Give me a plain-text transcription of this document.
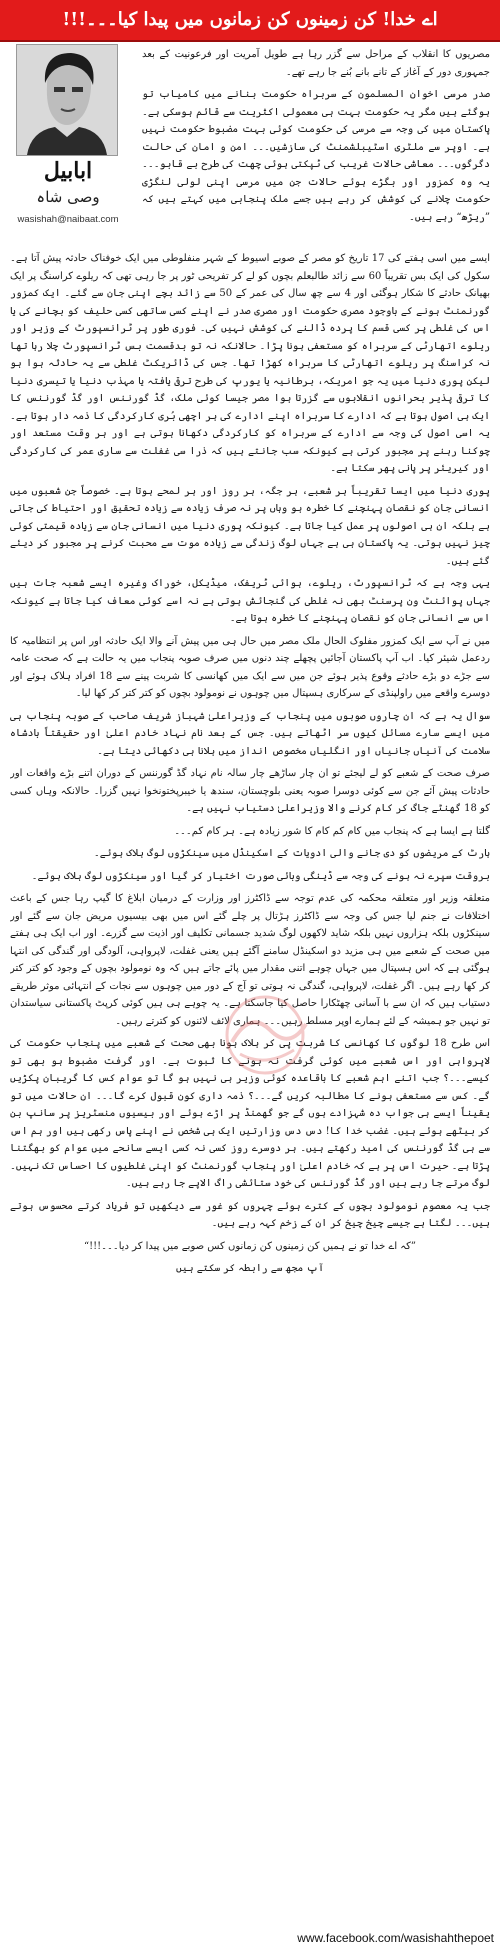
اے خدا! کن زمینوں کن زمانوں میں پیدا کیا۔۔۔!!!
ابابیل
وصی شاہ
wasishah@naibaat.com

مصریوں کا انقلاب کے مراحل سے گزر رہا ہے طویل آمریت اور فرعونیت کے بعد جمہوری دور کے آغاز کے تانے بانے بُنے جا رہے تھے۔

صدر مرسی اخوان المسلمون کے سربراہ حکومت بنانے میں کامیاب تو ہوگئے ہیں مگر یہ حکومت بہت ہی معمولی اکثریت سے قائم ہوسکی ہے۔ پاکستان میں کی وجہ سے مرسی کی حکومت کوئی بہت مضبوط حکومت نہیں ہے۔ اوپر سے ملٹری اسٹیبلشمنٹ کی سازشیں۔۔۔ امن و امان کی حالت دگرگوں۔۔۔ معاشی حالات غریب کی ٹپکتی ہوئی چھت کی طرح بے قابو۔۔۔ یہ وہ کمزور اور بگڑے ہوئے حالات جن میں مرسی اپنی لولی لنگڑی حکومت چلانے کی کوشش کر رہے ہیں جسے ملک پنجابی میں کہتے ہیں کہ ”ریڑھ“ رہے ہیں۔

ایسے میں اسی ہفتے کی 17 تاریخ کو مصر کے صوبے اسیوط کے شہر منفلوطی میں ایک خوفناک حادثہ پیش آتا ہے۔ سکول کی ایک بس تقریباً 60 سے زائد طالبعلم بچوں کو لے کر تفریحی ٹور پر جا رہی تھی کہ ریلوے کراسنگ پر ایک بھیانک حادثے کا شکار ہوگئی اور 4 سے چھ سال کی عمر کے 50 سے زائد بچے اپنی جان سے گئے۔ ایک کمزور گورنمنٹ ہونے کے باوجود مصری حکومت اور مصری صدر نے اپنے کسی ساتھی کسی حلیف کو بچانے کی یا اس کی غلطی پر کسی قسم کا پردہ ڈالنے کی کوشش نہیں کی۔ فوری طور پر ٹرانسپورٹ کے وزیر اور ریلوے اتھارٹی کے سربراہ کو مستعفی ہونا پڑا۔ حالانکہ نہ تو بدقسمت بس ٹرانسپورٹ چلا رہا تھا نہ کراسنگ پر ریلوے اتھارٹی کا سربراہ کھڑا تھا۔ جس کی ڈائریکٹ غلطی سے یہ حادثہ ہوا ہو لیکن پوری دنیا میں یہ جو امریکہ، برطانیہ یا یورپ کی طرح ترقی یافتہ یا مہذب دنیا یا تیسری دنیا کا ترقی پذیر بحرانوں انقلابوں سے گزرتا ہوا مصر جیسا کوئی ملک، گڈ گورننس اور گڈ گورننس کا ایک ہی اصول ہوتا ہے کہ ادارے کا سربراہ اپنے ادارے کی ہر اچھی بُری کارکردگی کا ذمہ دار ہوتا ہے۔ یہ اسی اصول کی وجہ سے ادارے کے سربراہ کو کارکردگی دکھانا ہوتی ہے اور ہر وقت مستعد اور چوکنا رہنے پر مجبور کرتی ہے کیونکہ سب جانتے ہیں کہ ذرا سی غفلت سے ساری عمر کی کارکردگی اور کیریئر پر پانی پھر سکتا ہے۔

پوری دنیا میں ایسا تقریباً ہر شعبے، ہر جگہ، ہر روز اور ہر لمحے ہوتا ہے۔ خصوصاً جن شعبوں میں انسانی جان کو نقصان پہنچنے کا خطرہ ہو وہاں پر نہ صرف زیادہ سے زیادہ تحقیق اور احتیاط کی جاتی ہے بلکہ ان ہی اصولوں پر عمل کیا جاتا ہے۔ کیونکہ پوری دنیا میں انسانی جان سے زیادہ قیمتی کوئی چیز نہیں ہوتی۔ یہ پاکستان ہی ہے جہاں لوگ زندگی سے زیادہ موت سے محبت کرنے پر مجبور کر دیئے گئے ہیں۔

یہی وجہ ہے کہ ٹرانسپورٹ، ریلوے، ہوائی ٹریفک، میڈیکل، خوراک وغیرہ ایسے شعبہ جات ہیں جہاں پوائنٹ ون پرسنٹ بھی نہ غلطی کی گنجائش ہوتی ہے نہ اسے کوئی معاف کیا جاتا ہے کیونکہ اس سے انسانی جان کو نقصان پہنچنے کا خطرہ ہوتا ہے۔

میں نے آپ سے ایک کمزور مفلوک الحال ملک مصر میں حال ہی میں پیش آنے والا ایک حادثہ اور اس پر انتظامیہ کا ردعمل شیئر کیا۔ اب آپ پاکستان آجائیں پچھلے چند دنوں میں صرف صوبہ پنجاب میں یہ حالت ہے کہ صحت عامہ سے جڑے دو بڑے حادثے وقوع پذیر ہوئے جن میں سے ایک میں کھانسی کا شربت پینے سے 18 افراد ہلاک ہوئے اور دوسرے واقعے میں راولپنڈی کے سرکاری ہسپتال میں چوہوں نے نومولود بچوں کو کتر کتر کر کھا لیا۔

سوال یہ ہے کہ ان چاروں صوبوں میں پنجاب کے وزیراعلیٰ شہباز شریف صاحب کے صوبہ پنجاب ہی میں ایسے سارے مسائل کیوں سر اٹھاتے ہیں۔ جس کے بعد نام نہاد خادم اعلیٰ اور حقیقتاً بادشاہ سلامت کی آنیاں جانیاں اور انگلیاں مخصوص انداز میں ہلانا ہی دکھائی دیتا ہے۔

صرف صحت کے شعبے کو لے لیجئے تو ان چار ساڑھے چار سالہ نام نہاد گڈ گورننس کے دوران اتنے بڑے واقعات اور حادثات پیش آئے جن سے کوئی دوسرا صوبہ یعنی بلوچستان، سندھ یا خیبرپختونخوا نہیں گزرا۔ حالانکہ وہاں کسی کو 18 گھنٹے جاگ کر کام کرنے والا وزیراعلیٰ دستیاب نہیں ہے۔

گلتا ہے ایسا ہے کہ پنجاب میں کام کم کام کا شور زیادہ ہے۔ ہر کام کم۔۔۔

ہارٹ کے مریضوں کو دی جانے والی ادویات کے اسکینڈل میں سینکڑوں لوگ ہلاک ہوئے۔

بروقت سپرے نہ ہونے کی وجہ سے ڈینگی وبائی صورت اختیار کر گیا اور سینکڑوں لوگ ہلاک ہوئے۔

متعلقہ وزیر اور متعلقہ محکمہ کی عدم توجہ سے ڈاکٹرز اور وزارت کے درمیان ابلاغ کا گیپ رہا جس کے باعث اختلافات نے جنم لیا جس کی وجہ سے ڈاکٹرز ہڑتال پر چلے گئے اس میں بھی بیسیوں مریض جان سے گئے اور سینکڑوں بلکہ ہزاروں نہیں بلکہ شاید لاکھوں لوگ شدید جسمانی تکلیف اور اذیت سے گزرے۔ اور اب ایک ہی ہفتے میں صحت کے شعبے میں ہی مزید دو اسکینڈل سامنے آگئے ہیں یعنی غفلت، لاپرواہی، آلودگی اور گندگی کی انتہا ہوگئی ہے کہ اس ہسپتال میں جہاں چوہے اتنی مقدار میں پائے جاتے ہیں کہ وہ نومولود بچوں کے وجود کو کتر کتر کر کھا رہے ہیں۔ اگر غفلت، لاپرواہی، گندگی نہ ہوتی تو آج کے دور میں چوہوں سے نجات کے انتہائی موثر طریقے دستیاب ہیں کہ ان سے با آسانی چھٹکارا حاصل کیا جاسکتا ہے۔ یہ چوہے ہی ہیں کوئی کرپٹ پاکستانی سیاستدان تو نہیں جو ہمیشہ کے لئے ہمارے اوپر مسلط رہیں۔۔۔ ہماری لائف لائنوں کو کترتے رہیں۔

اس طرح 18 لوگوں کا کھانسی کا شربت پی کر ہلاک ہونا بھی صحت کے شعبے میں پنجاب حکومت کی لاپرواہی اور اس شعبے میں کوئی گرفت نہ ہونے کا ثبوت ہے۔ اور گرفت مضبوط ہو بھی تو کیسے۔۔۔؟ جب اتنے اہم شعبے کا باقاعدہ کوئی وزیر ہی نہیں ہو گا تو عوام کس کا گریبان پکڑیں گے۔ کس سے مستعفی ہونے کا مطالبہ کریں گے۔۔۔؟ ذمہ داری کون قبول کرے گا۔۔۔ ان حالات میں تو یقیناً ایسے ہی جواب دہ شہزادے ہوں گے جو گھمنڈ پر اڑے ہوئے اور بیسیوں منسٹریز پر سانپ بن کر بیٹھے ہوئے ہیں۔ غضب خدا کا! دس دس وزارتیں ایک ہی شخص نے اپنے پاس رکھی ہیں اور ہم اس سے ہی گڈ گورننس کی امید رکھتے ہیں۔ ہر دوسرے روز کسی نہ کسی ایسے سانحے میں عوام کو بھگتنا پڑتا ہے۔ حیرت اس پر ہے کہ خادم اعلیٰ اور پنجاب گورنمنٹ کو اپنی غلطیوں کا احساس تک نہیں۔ لوگ مرتے جا رہے ہیں اور گڈ گورننس کی خود ستائشی راگ الاپے جا رہے ہیں۔

جب یہ معصوم نومولود بچوں کے کترے ہوئے چہروں کو غور سے دیکھیں تو فریاد کرتے محسوس ہوتے ہیں۔۔۔ لگتا ہے جیسے چیخ چیخ کر ان کے زخم کہہ رہے ہیں۔

”کہ اے خدا تو نے ہمیں کن زمینوں کن زمانوں کس صوبے میں پیدا کر دیا۔۔۔!!!“

آپ مجھ سے رابطہ کر سکتے ہیں

www.facebook.com/wasishahthepoet
